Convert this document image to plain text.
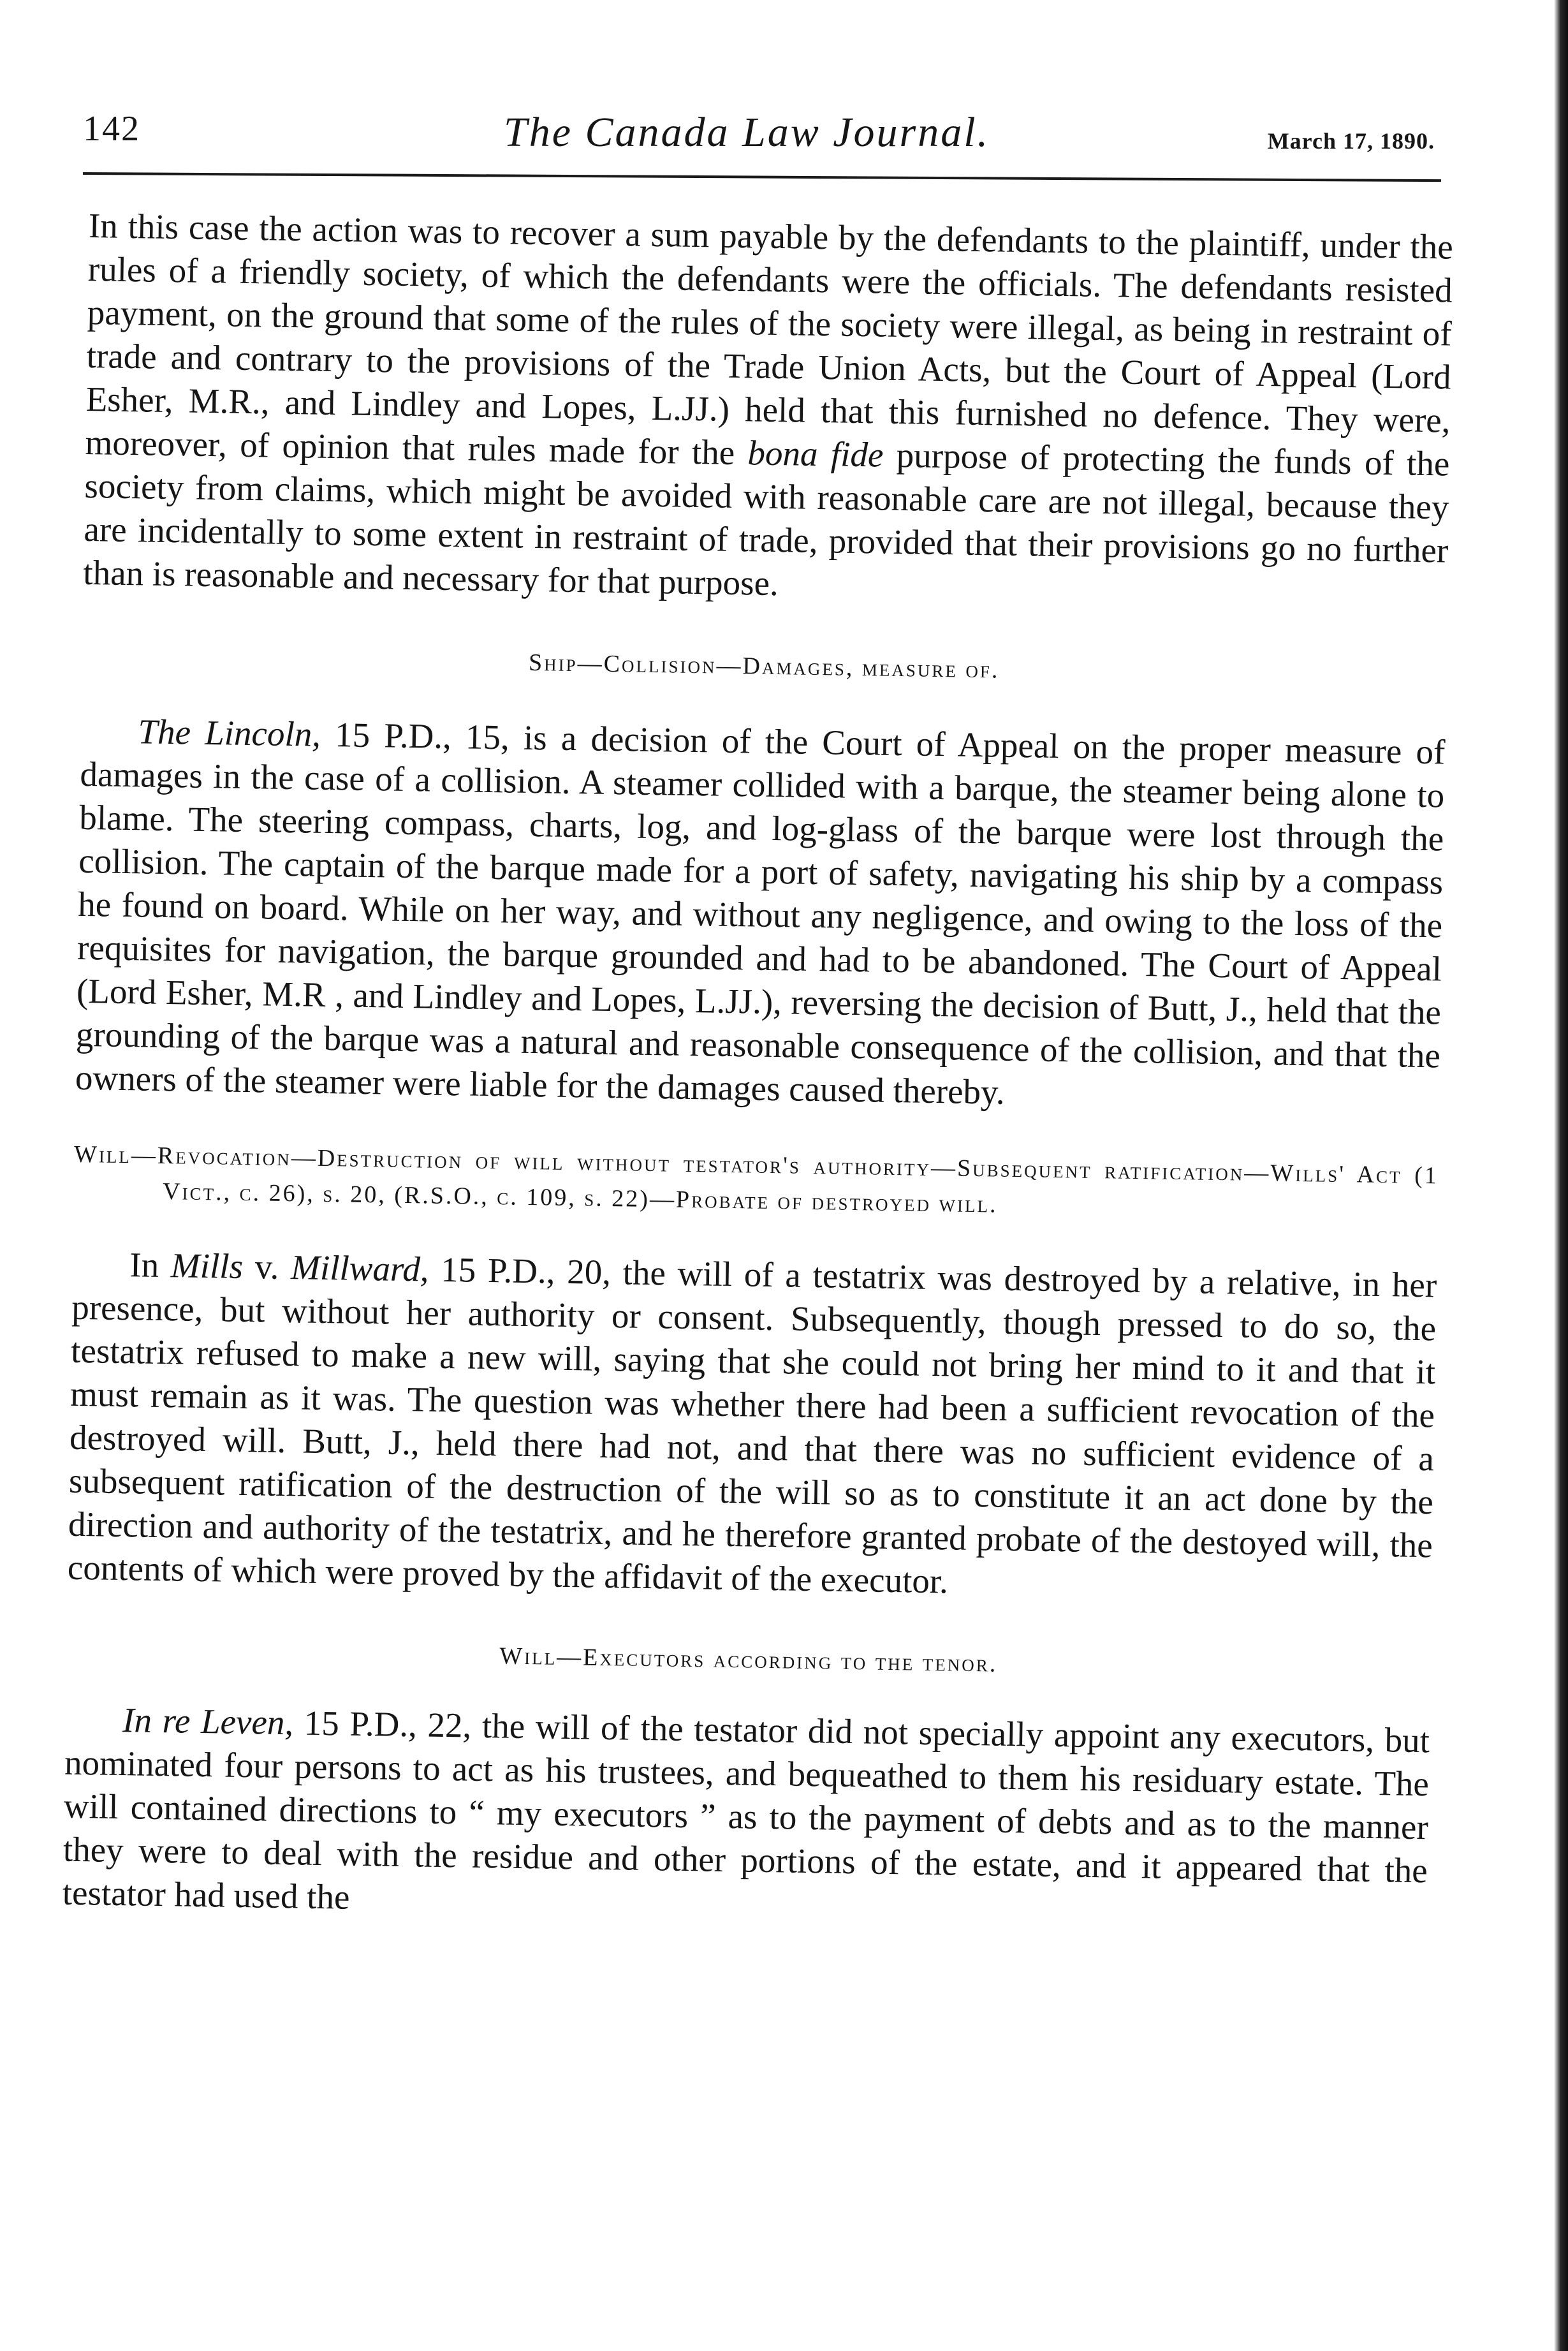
142	The Canada Law Journal.	March 17, 1890.

In this case the action was to recover a sum payable by the defendants to the plaintiff, under the rules of a friendly society, of which the defendants were the officials. The defendants resisted payment, on the ground that some of the rules of the society were illegal, as being in restraint of trade and contrary to the provisions of the Trade Union Acts, but the Court of Appeal (Lord Esher, M.R., and Lindley and Lopes, L.JJ.) held that this furnished no defence. They were, moreover, of opinion that rules made for the bona fide purpose of protecting the funds of the society from claims, which might be avoided with reasonable care are not illegal, because they are incidentally to some extent in restraint of trade, provided that their provisions go no further than is reasonable and necessary for that purpose.

Ship—Collision—Damages, measure of.

The Lincoln, 15 P.D., 15, is a decision of the Court of Appeal on the proper measure of damages in the case of a collision. A steamer collided with a barque, the steamer being alone to blame. The steering compass, charts, log, and log-glass of the barque were lost through the collision. The captain of the barque made for a port of safety, navigating his ship by a compass he found on board. While on her way, and without any negligence, and owing to the loss of the requisites for navigation, the barque grounded and had to be abandoned. The Court of Appeal (Lord Esher, M.R , and Lindley and Lopes, L.JJ.), reversing the decision of Butt, J., held that the grounding of the barque was a natural and reasonable consequence of the collision, and that the owners of the steamer were liable for the damages caused thereby.

Will—Revocation—Destruction of will without testator's authority—Subsequent ratification—Wills' Act (1 Vict., c. 26), s. 20, (R.S.O., c. 109, s. 22)—Probate of destroyed will.

In Mills v. Millward, 15 P.D., 20, the will of a testatrix was destroyed by a relative, in her presence, but without her authority or consent. Subsequently, though pressed to do so, the testatrix refused to make a new will, saying that she could not bring her mind to it and that it must remain as it was. The question was whether there had been a sufficient revocation of the destroyed will. Butt, J., held there had not, and that there was no sufficient evidence of a subsequent ratification of the destruction of the will so as to constitute it an act done by the direction and authority of the testatrix, and he therefore granted probate of the destoyed will, the contents of which were proved by the affidavit of the executor.

Will—Executors according to the tenor.

In re Leven, 15 P.D., 22, the will of the testator did not specially appoint any executors, but nominated four persons to act as his trustees, and bequeathed to them his residuary estate. The will contained directions to “ my executors ” as to the payment of debts and as to the manner they were to deal with the residue and other portions of the estate, and it appeared that the testator had used the
